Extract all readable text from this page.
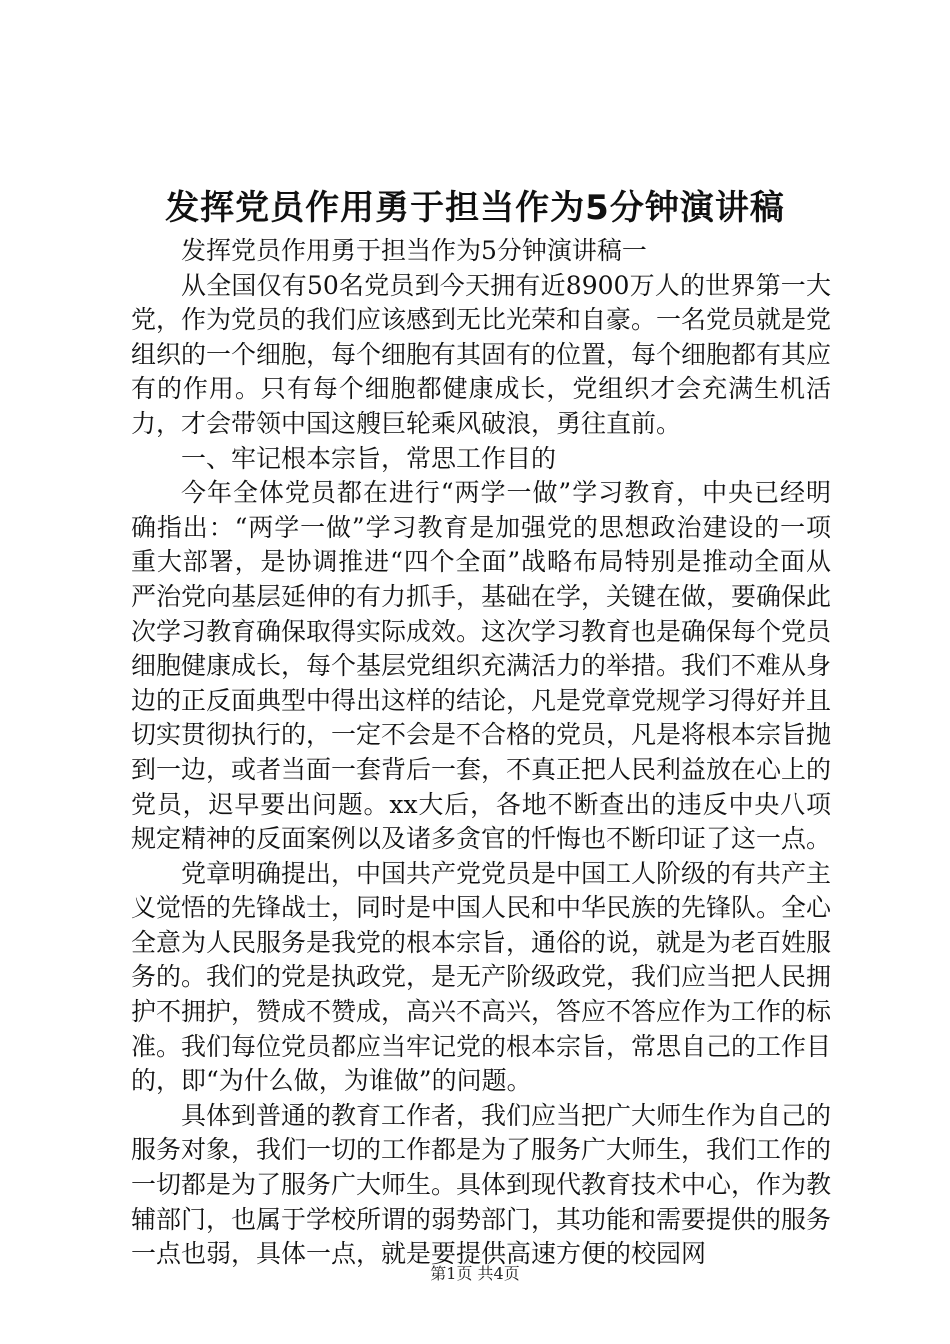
发挥党员作用勇于担当作为5分钟演讲稿

发挥党员作用勇于担当作为5分钟演讲稿一

从全国仅有50名党员到今天拥有近8900万人的世界第一大党，作为党员的我们应该感到无比光荣和自豪。一名党员就是党组织的一个细胞，每个细胞有其固有的位置，每个细胞都有其应有的作用。只有每个细胞都健康成长，党组织才会充满生机活力，才会带领中国这艘巨轮乘风破浪，勇往直前。

一、牢记根本宗旨，常思工作目的

今年全体党员都在进行“两学一做”学习教育，中央已经明确指出：“两学一做”学习教育是加强党的思想政治建设的一项重大部署，是协调推进“四个全面”战略布局特别是推动全面从严治党向基层延伸的有力抓手，基础在学，关键在做，要确保此次学习教育确保取得实际成效。这次学习教育也是确保每个党员细胞健康成长，每个基层党组织充满活力的举措。我们不难从身边的正反面典型中得出这样的结论，凡是党章党规学习得好并且切实贯彻执行的，一定不会是不合格的党员，凡是将根本宗旨抛到一边，或者当面一套背后一套，不真正把人民利益放在心上的党员，迟早要出问题。xx大后，各地不断查出的违反中央八项规定精神的反面案例以及诸多贪官的忏悔也不断印证了这一点。

党章明确提出，中国共产党党员是中国工人阶级的有共产主义觉悟的先锋战士，同时是中国人民和中华民族的先锋队。全心全意为人民服务是我党的根本宗旨，通俗的说，就是为老百姓服务的。我们的党是执政党，是无产阶级政党，我们应当把人民拥护不拥护，赞成不赞成，高兴不高兴，答应不答应作为工作的标准。我们每位党员都应当牢记党的根本宗旨，常思自己的工作目的，即“为什么做，为谁做”的问题。

具体到普通的教育工作者，我们应当把广大师生作为自己的服务对象，我们一切的工作都是为了服务广大师生，我们工作的一切都是为了服务广大师生。具体到现代教育技术中心，作为教辅部门，也属于学校所谓的弱势部门，其功能和需要提供的服务一点也弱，具体一点，就是要提供高速方便的校园网

第1页 共4页
